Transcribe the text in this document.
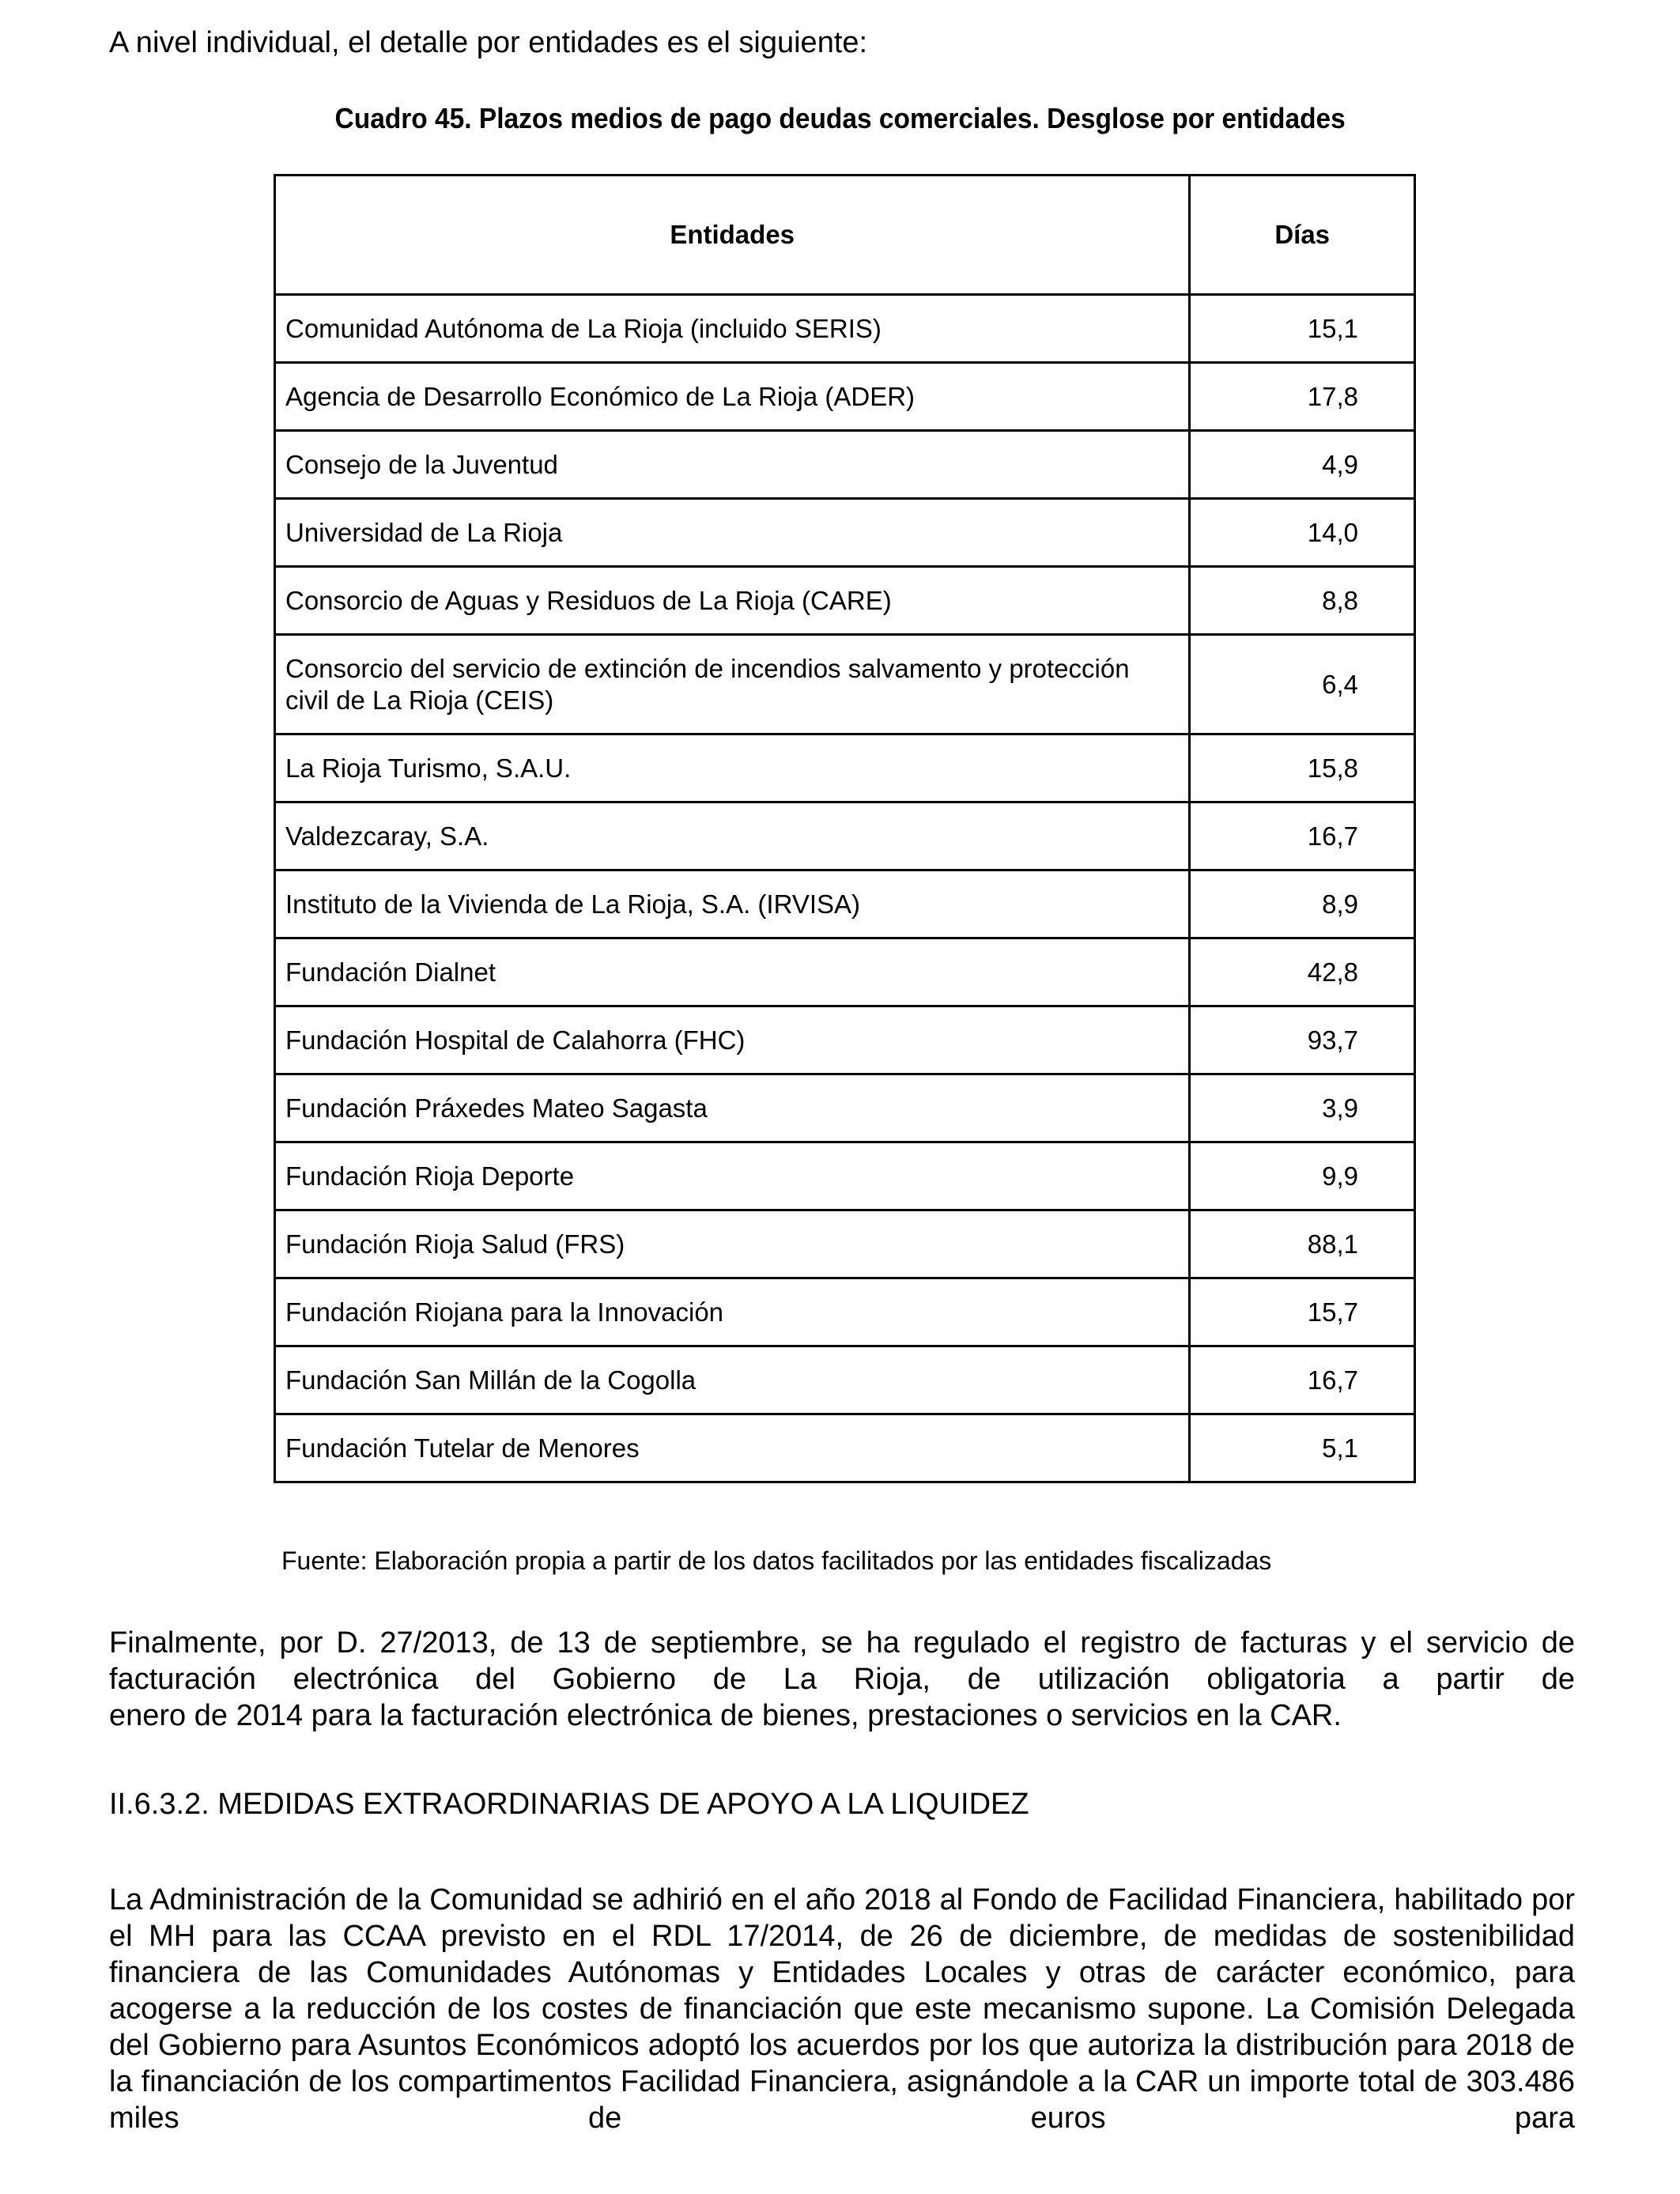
A nivel individual, el detalle por entidades es el siguiente:

Cuadro 45. Plazos medios de pago deudas comerciales. Desglose por entidades

Entidades	Días
Comunidad Autónoma de La Rioja (incluido SERIS)	15,1
Agencia de Desarrollo Económico de La Rioja (ADER)	17,8
Consejo de la Juventud	4,9
Universidad de La Rioja	14,0
Consorcio de Aguas y Residuos de La Rioja (CARE)	8,8
Consorcio del servicio de extinción de incendios salvamento y protección civil de La Rioja (CEIS)	6,4
La Rioja Turismo, S.A.U.	15,8
Valdezcaray, S.A.	16,7
Instituto de la Vivienda de La Rioja, S.A. (IRVISA)	8,9
Fundación Dialnet	42,8
Fundación Hospital de Calahorra (FHC)	93,7
Fundación Práxedes Mateo Sagasta	3,9
Fundación Rioja Deporte	9,9
Fundación Rioja Salud (FRS)	88,1
Fundación Riojana para la Innovación	15,7
Fundación San Millán de la Cogolla	16,7
Fundación Tutelar de Menores	5,1

Fuente: Elaboración propia a partir de los datos facilitados por las entidades fiscalizadas

Finalmente, por D. 27/2013, de 13 de septiembre, se ha regulado el registro de facturas y el servicio de facturación electrónica del Gobierno de La Rioja, de utilización obligatoria a partir de
enero de 2014 para la facturación electrónica de bienes, prestaciones o servicios en la CAR.

II.6.3.2. MEDIDAS EXTRAORDINARIAS DE APOYO A LA LIQUIDEZ

La Administración de la Comunidad se adhirió en el año 2018 al Fondo de Facilidad Financiera, habilitado por el MH para las CCAA previsto en el RDL 17/2014, de 26 de diciembre, de medidas de sostenibilidad financiera de las Comunidades Autónomas y Entidades Locales y otras de carácter económico, para acogerse a la reducción de los costes de financiación que este mecanismo supone. La Comisión Delegada del Gobierno para Asuntos Económicos adoptó los acuerdos por los que autoriza la distribución para 2018 de la financiación de los compartimentos Facilidad Financiera, asignándole a la CAR un importe total de 303.486 miles de euros para
